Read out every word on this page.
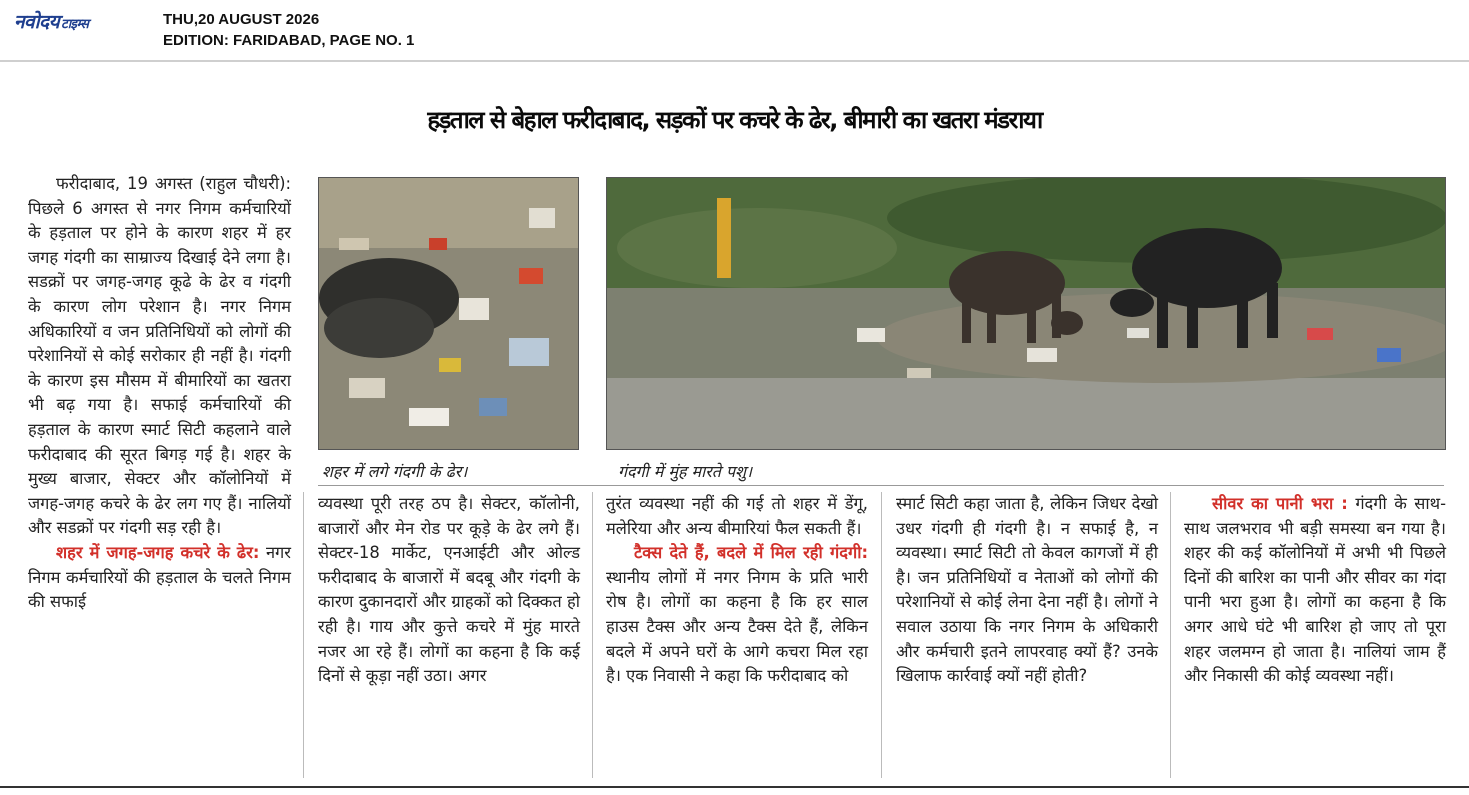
नवोदय टाइम्स	THU,20 AUGUST 2026
EDITION: FARIDABAD, PAGE NO. 1
हड़ताल से बेहाल फरीदाबाद, सड़कों पर कचरे के ढेर, बीमारी का खतरा मंडराया

फरीदाबाद, 19 अगस्त (राहुल चौधरी): पिछले 6 अगस्त से नगर निगम कर्मचारियों के हड़ताल पर होने के कारण शहर में हर जगह गंदगी का साम्राज्य दिखाई देने लगा है। सडक्रों पर जगह-जगह कूढे के ढेर व गंदगी के कारण लोग परेशान है। नगर निगम अधिकारियों व जन प्रतिनिधियों को लोगों की परेशानियों से कोई सरोकार ही नहीं है। गंदगी के कारण इस मौसम में बीमारियों का खतरा भी बढ़ गया है। सफाई कर्मचारियों की हड़ताल के कारण स्मार्ट सिटी कहलाने वाले फरीदाबाद की सूरत बिगड़ गई है। शहर के मुख्य बाजार, सेक्टर और कॉलोनियों में जगह-जगह कचरे के ढेर लग गए हैं। नालियों और सडक्रों पर गंदगी सड़ रही है।

शहर में जगह-जगह कचरे के ढेर: नगर निगम कर्मचारियों की हड़ताल के चलते निगम की सफाई

शहर में लगे गंदगी के ढेर।	गंदगी में मुंह मारते पशु।

व्यवस्था पूरी तरह ठप है। सेक्टर, कॉलोनी, बाजारों और मेन रोड पर कूड़े के ढेर लगे हैं। सेक्टर-18 मार्केट, एनआईटी और ओल्ड फरीदाबाद के बाजारों में बदबू और गंदगी के कारण दुकानदारों और ग्राहकों को दिक्कत हो रही है। गाय और कुत्ते कचरे में मुंह मारते नजर आ रहे हैं। लोगों का कहना है कि कई दिनों से कूड़ा नहीं उठा। अगर

तुरंत व्यवस्था नहीं की गई तो शहर में डेंगू, मलेरिया और अन्य बीमारियां फैल सकती हैं।

टैक्स देते हैं, बदले में मिल रही गंदगी: स्थानीय लोगों में नगर निगम के प्रति भारी रोष है। लोगों का कहना है कि हर साल हाउस टैक्स और अन्य टैक्स देते हैं, लेकिन बदले में अपने घरों के आगे कचरा मिल रहा है। एक निवासी ने कहा कि फरीदाबाद को

स्मार्ट सिटी कहा जाता है, लेकिन जिधर देखो उधर गंदगी ही गंदगी है। न सफाई है, न व्यवस्था। स्मार्ट सिटी तो केवल कागजों में ही है। जन प्रतिनिधियों व नेताओं को लोगों की परेशानियों से कोई लेना देना नहीं है। लोगों ने सवाल उठाया कि नगर निगम के अधिकारी और कर्मचारी इतने लापरवाह क्यों हैं? उनके खिलाफ कार्रवाई क्यों नहीं होती?

सीवर का पानी भरा : गंदगी के साथ-साथ जलभराव भी बड़ी समस्या बन गया है। शहर की कई कॉलोनियों में अभी भी पिछले दिनों की बारिश का पानी और सीवर का गंदा पानी भरा हुआ है। लोगों का कहना है कि अगर आधे घंटे भी बारिश हो जाए तो पूरा शहर जलमग्न हो जाता है। नालियां जाम हैं और निकासी की कोई व्यवस्था नहीं।
